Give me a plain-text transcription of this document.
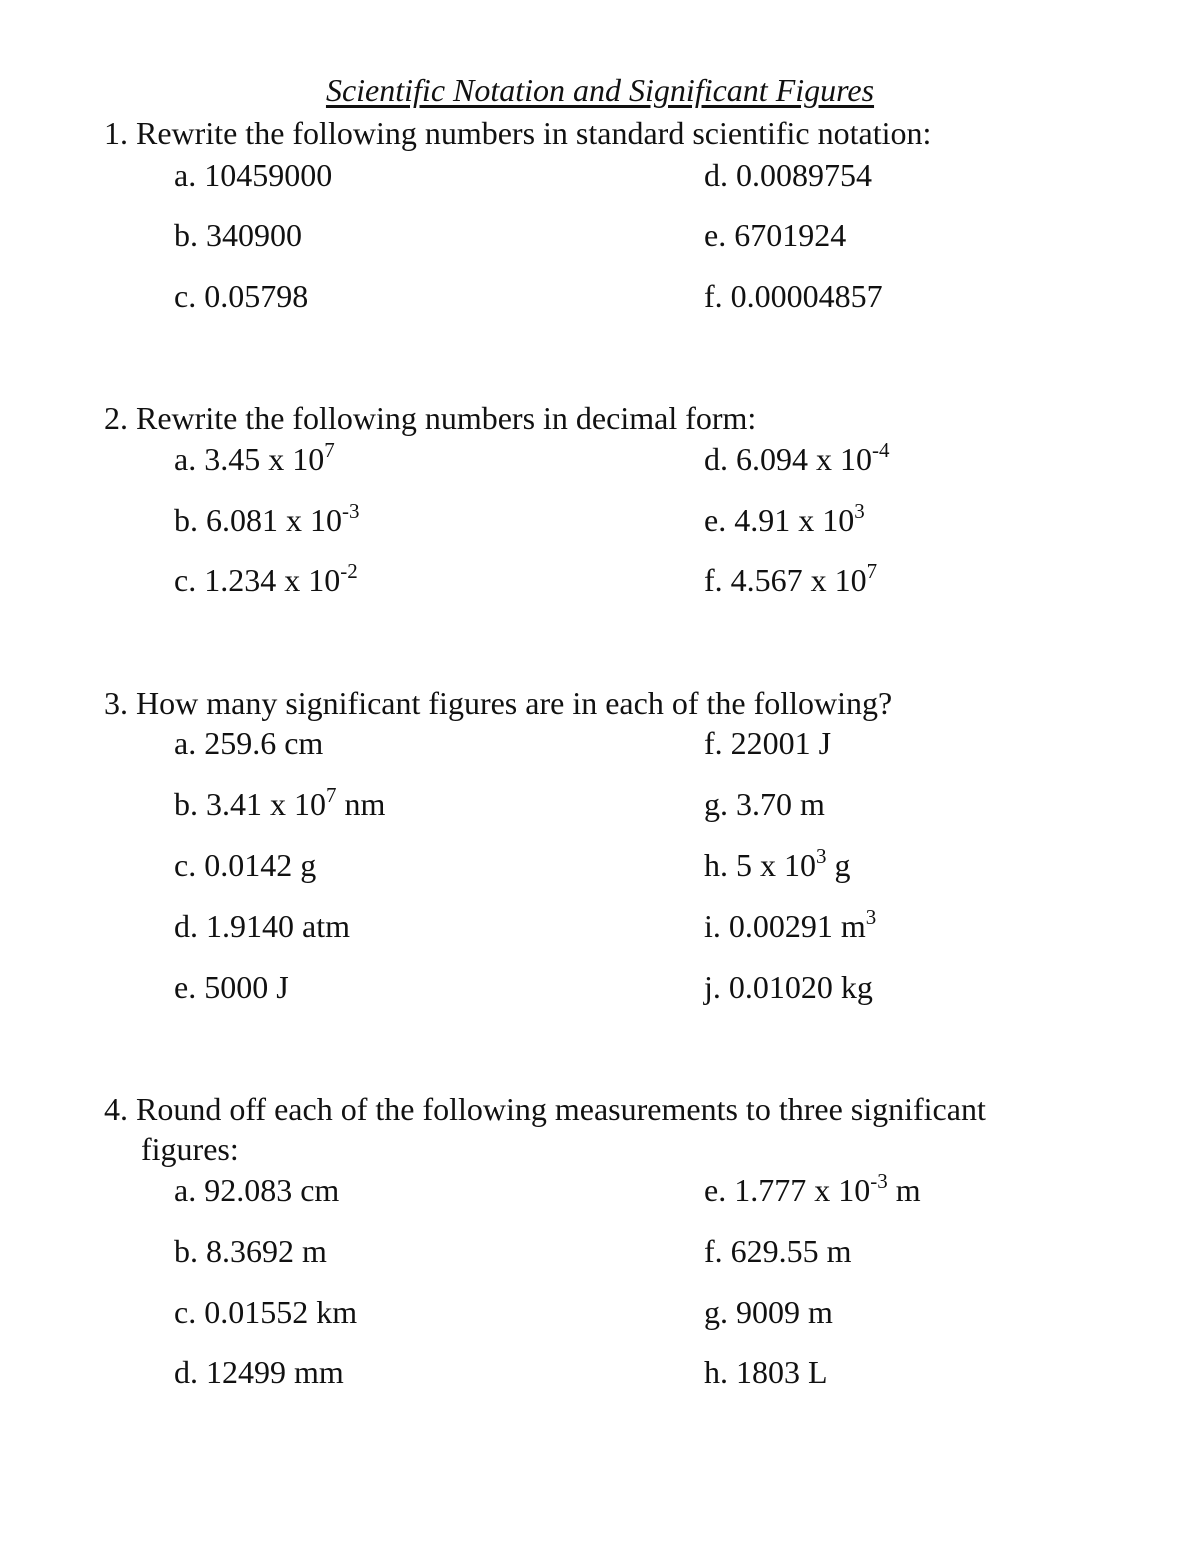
Scientific Notation and Significant Figures
1. Rewrite the following numbers in standard scientific notation:
a. 10459000
b. 340900
c. 0.05798
d. 0.0089754
e. 6701924
f. 0.00004857
2. Rewrite the following numbers in decimal form:
a. 3.45 x $10^7$
b. 6.081 x $10^{-3}$
c. 1.234 x $10^{-2}$
d. 6.094 x $10^{-4}$
e. 4.91 x $10^3$
f. 4.567 x $10^7$
3. How many significant figures are in each of the following?
a. 259.6 cm
b. 3.41 x $10^7$ nm
c. 0.0142 g
d. 1.9140 atm
e. 5000 J
f. 22001 J
g. 3.70 m
h. 5 x $10^3$ g
i. 0.00291 $m^3$
j. 0.01020 kg
4. Round off each of the following measurements to three significant
figures:
a. 92.083 cm
b. 8.3692 m
c. 0.01552 km
d. 12499 mm
e. 1.777 x $10^{-3}$ m
f. 629.55 m
g. 9009 m
h. 1803 L
